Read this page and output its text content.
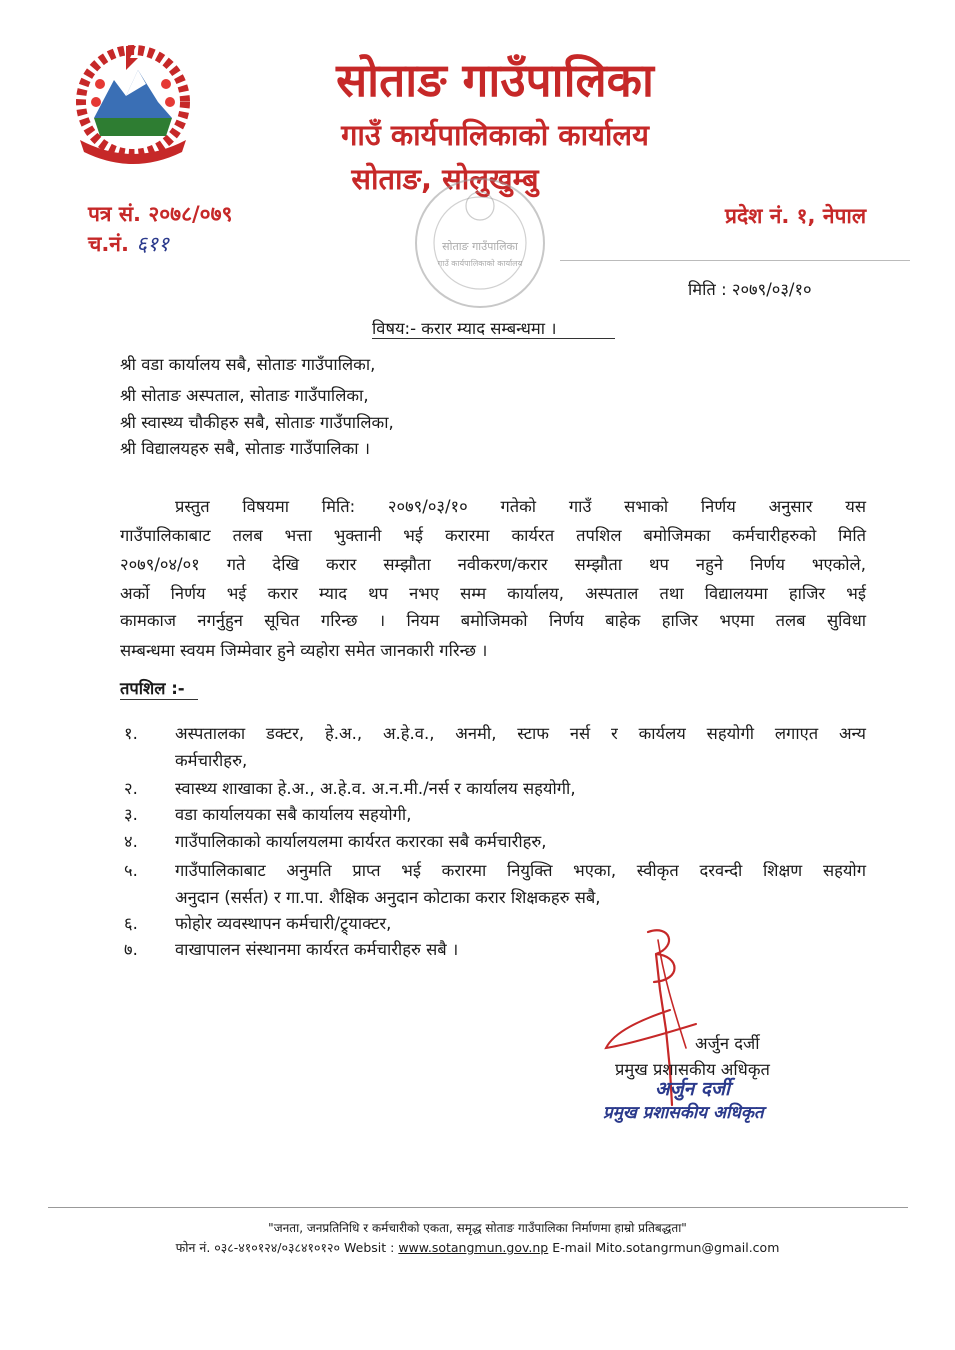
सोताङ गाउँपालिका
गाउँ कार्यपालिकाको कार्यालय
सोताङ, सोलुखुम्बु
पत्र सं. २०७८/०७९
च.नं. ६११
प्रदेश नं. १, नेपाल
सोताङ गाउँपालिका
गाउँ कार्यपालिकाको कार्यालय
मिति : २०७९/०३/१०
विषय:- करार म्याद सम्बन्धमा ।
श्री वडा कार्यालय सबै, सोताङ गाउँपालिका,
श्री सोताङ अस्पताल, सोताङ गाउँपालिका,
श्री स्वास्थ्य चौकीहरु सबै, सोताङ गाउँपालिका,
श्री विद्यालयहरु सबै, सोताङ गाउँपालिका ।
प्रस्तुत विषयमा मिति: २०७९/०३/१० गतेको गाउँ सभाको निर्णय अनुसार यस
गाउँपालिकाबाट तलब भत्ता भुक्तानी भई करारमा कार्यरत तपशिल बमोजिमका कर्मचारीहरुको मिति
२०७९/०४/०१ गते देखि करार सम्झौता नवीकरण/करार सम्झौता थप नहुने निर्णय भएकोले,
अर्को निर्णय भई करार म्याद थप नभए सम्म कार्यालय, अस्पताल तथा विद्यालयमा हाजिर भई
कामकाज नगर्नुहुन सूचित गरिन्छ । नियम बमोजिमको निर्णय बाहेक हाजिर भएमा तलब सुविधा
सम्बन्धमा स्वयम जिम्मेवार हुने व्यहोरा समेत जानकारी गरिन्छ ।
तपशिल :-
१. अस्पतालका डक्टर, हे.अ., अ.हे.व., अनमी, स्टाफ नर्स र कार्यलय सहयोगी लगाएत अन्य
कर्मचारीहरु,
२. स्वास्थ्य शाखाका हे.अ., अ.हे.व. अ.न.मी./नर्स र कार्यालय सहयोगी,
३. वडा कार्यालयका सबै कार्यालय सहयोगी,
४. गाउँपालिकाको कार्यालयलमा कार्यरत करारका सबै कर्मचारीहरु,
५. गाउँपालिकाबाट अनुमति प्राप्त भई करारमा नियुक्ति भएका, स्वीकृत दरवन्दी शिक्षण सहयोग
अनुदान (सर्सत) र गा.पा. शैक्षिक अनुदान कोटाका करार शिक्षकहरु सबै,
६. फोहोर व्यवस्थापन कर्मचारी/ट्र्याक्टर,
७. वाखापालन संस्थानमा कार्यरत कर्मचारीहरु सबै ।
अर्जुन दर्जी
प्रमुख प्रशासकीय अधिकृत
अर्जुन दर्जी
प्रमुख प्रशासकीय अधिकृत
"जनता, जनप्रतिनिधि र कर्मचारीको एकता, समृद्ध सोताङ गाउँपालिका निर्माणमा हाम्रो प्रतिबद्धता"
फोन नं. ०३८-४१०१२४/०३८४१०१२० Websit : www.sotangmun.gov.np E-mail Mito.sotangrmun@gmail.com
